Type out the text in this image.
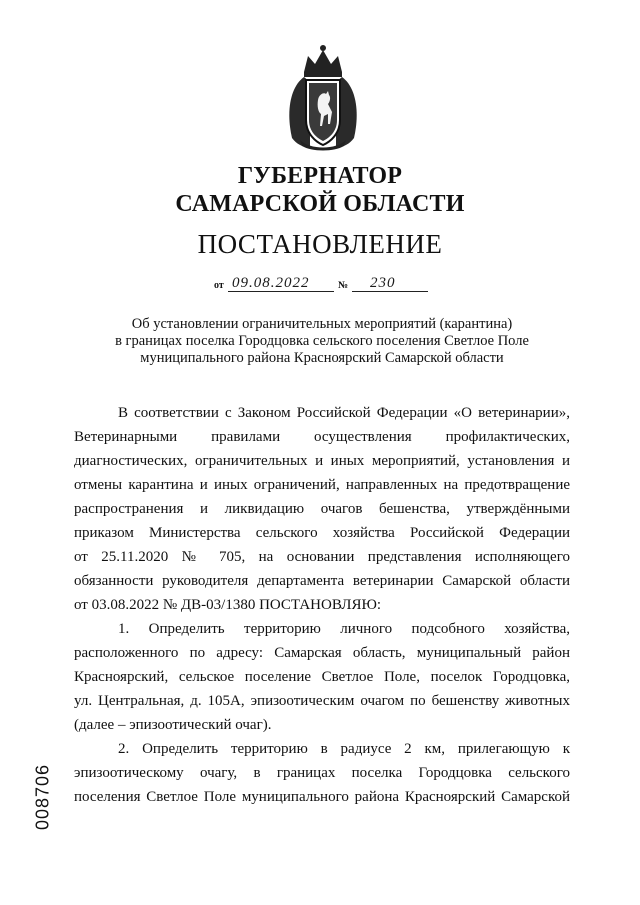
ГУБЕРНАТОР
САМАРСКОЙ ОБЛАСТИ
ПОСТАНОВЛЕНИЕ
от 09.08.2022	№ 230
Об установлении ограничительных мероприятий (карантина)
в границах поселка Городцовка сельского поселения Светлое Поле
муниципального района Красноярский Самарской области
В соответствии с Законом Российской Федерации «О ветеринарии»,
Ветеринарными правилами осуществления профилактических,
диагностических, ограничительных и иных мероприятий, установления и
отмены карантина и иных ограничений, направленных на предотвращение
распространения и ликвидацию очагов бешенства, утверждёнными
приказом Министерства сельского хозяйства Российской Федерации
от 25.11.2020 № 705, на основании представления исполняющего
обязанности руководителя департамента ветеринарии Самарской области
от 03.08.2022 № ДВ-03/1380 ПОСТАНОВЛЯЮ:
1. Определить территорию личного подсобного хозяйства,
расположенного по адресу: Самарская область, муниципальный район
Красноярский, сельское поселение Светлое Поле, поселок Городцовка,
ул. Центральная, д. 105А, эпизоотическим очагом по бешенству животных
(далее – эпизоотический очаг).
2. Определить территорию в радиусе 2 км, прилегающую к
эпизоотическому очагу, в границах поселка Городцовка сельского
поселения Светлое Поле муниципального района Красноярский Самарской
008706
